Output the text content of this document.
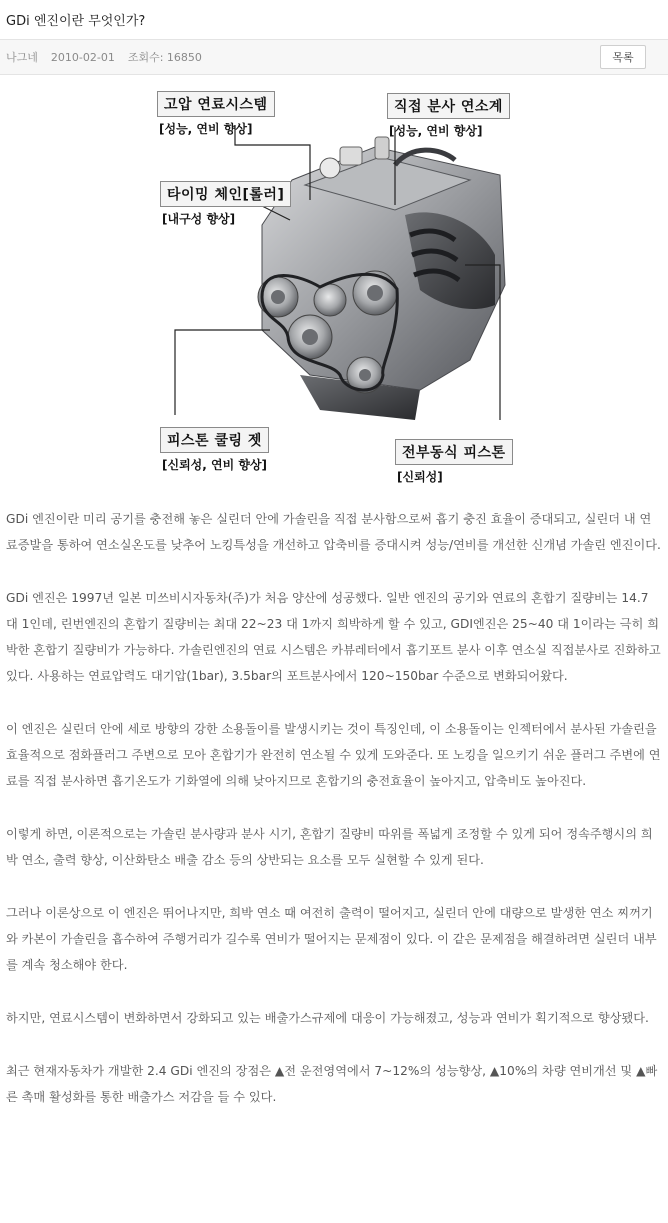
GDi 엔진이란 무엇인가?
나그네 2010-02-01 조회수: 16850	목록
고압 연료시스템
[성능, 연비 향상]
직접 분사 연소계
[성능, 연비 향상]
타이밍 체인[롤러]
[내구성 향상]
피스톤 쿨링 젯
[신뢰성, 연비 향상]
전부동식 피스톤
[신뢰성]

GDi 엔진이란 미리 공기를 충전해 놓은 실린더 안에 가솔린을 직접 분사함으로써 흡기 충진 효율이 증대되고, 실린더 내 연료증발을 통하여 연소실온도를 낮추어 노킹특성을 개선하고 압축비를 증대시켜 성능/연비를 개선한 신개념 가솔린 엔진이다.

GDi 엔진은 1997년 일본 미쓰비시자동차(주)가 처음 양산에 성공했다. 일반 엔진의 공기와 연료의 혼합기 질량비는 14.7 대 1인데, 린번엔진의 혼합기 질량비는 최대 22~23 대 1까지 희박하게 할 수 있고, GDI엔진은 25~40 대 1이라는 극히 희박한 혼합기 질량비가 가능하다. 가솔린엔진의 연료 시스템은 카뷰레터에서 흡기포트 분사 이후 연소실 직접분사로 진화하고 있다. 사용하는 연료압력도 대기압(1bar), 3.5bar의 포트분사에서 120~150bar 수준으로 변화되어왔다.

이 엔진은 실린더 안에 세로 방향의 강한 소용돌이를 발생시키는 것이 특징인데, 이 소용돌이는 인젝터에서 분사된 가솔린을 효율적으로 점화플러그 주변으로 모아 혼합기가 완전히 연소될 수 있게 도와준다. 또 노킹을 일으키기 쉬운 플러그 주변에 연료를 직접 분사하면 흡기온도가 기화열에 의해 낮아지므로 혼합기의 충전효율이 높아지고, 압축비도 높아진다.

이렇게 하면, 이론적으로는 가솔린 분사량과 분사 시기, 혼합기 질량비 따위를 폭넓게 조정할 수 있게 되어 정속주행시의 희박 연소, 출력 향상, 이산화탄소 배출 감소 등의 상반되는 요소를 모두 실현할 수 있게 된다.

그러나 이론상으로 이 엔진은 뛰어나지만, 희박 연소 때 여전히 출력이 떨어지고, 실린더 안에 대량으로 발생한 연소 찌꺼기와 카본이 가솔린을 흡수하여 주행거리가 길수록 연비가 떨어지는 문제점이 있다. 이 같은 문제점을 해결하려면 실린더 내부를 계속 청소해야 한다.

하지만, 연료시스템이 변화하면서 강화되고 있는 배출가스규제에 대응이 가능해졌고, 성능과 연비가 획기적으로 향상됐다.

최근 현재자동차가 개발한 2.4 GDi 엔진의 장점은 ▲전 운전영역에서 7~12%의 성능향상, ▲10%의 차량 연비개선 및 ▲빠른 촉매 활성화를 통한 배출가스 저감을 들 수 있다.
